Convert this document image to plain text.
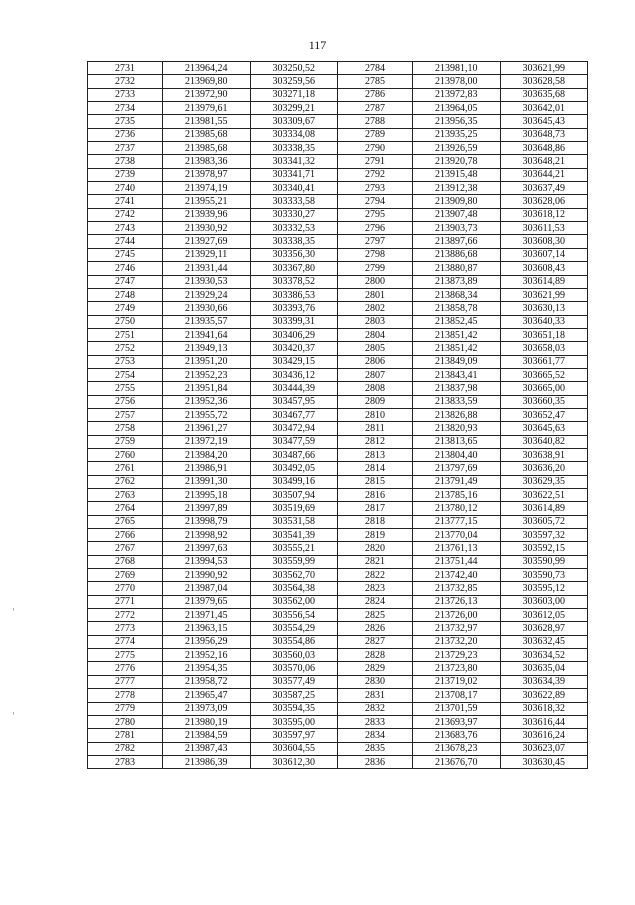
117
2731	213964,24	303250,52	2784	213981,10	303621,99
2732	213969,80	303259,56	2785	213978,00	303628,58
2733	213972,90	303271,18	2786	213972,83	303635,68
2734	213979,61	303299,21	2787	213964,05	303642,01
2735	213981,55	303309,67	2788	213956,35	303645,43
2736	213985,68	303334,08	2789	213935,25	303648,73
2737	213985,68	303338,35	2790	213926,59	303648,86
2738	213983,36	303341,32	2791	213920,78	303648,21
2739	213978,97	303341,71	2792	213915,48	303644,21
2740	213974,19	303340,41	2793	213912,38	303637,49
2741	213955,21	303333,58	2794	213909,80	303628,06
2742	213939,96	303330,27	2795	213907,48	303618,12
2743	213930,92	303332,53	2796	213903,73	303611,53
2744	213927,69	303338,35	2797	213897,66	303608,30
2745	213929,11	303356,30	2798	213886,68	303607,14
2746	213931,44	303367,80	2799	213880,87	303608,43
2747	213930,53	303378,52	2800	213873,89	303614,89
2748	213929,24	303386,53	2801	213868,34	303621,99
2749	213930,66	303393,76	2802	213858,78	303630,13
2750	213935,57	303399,31	2803	213852,45	303640,33
2751	213941,64	303406,29	2804	213851,42	303651,18
2752	213949,13	303420,37	2805	213851,42	303658,03
2753	213951,20	303429,15	2806	213849,09	303661,77
2754	213952,23	303436,12	2807	213843,41	303665,52
2755	213951,84	303444,39	2808	213837,98	303665,00
2756	213952,36	303457,95	2809	213833,59	303660,35
2757	213955,72	303467,77	2810	213826,88	303652,47
2758	213961,27	303472,94	2811	213820,93	303645,63
2759	213972,19	303477,59	2812	213813,65	303640,82
2760	213984,20	303487,66	2813	213804,40	303638,91
2761	213986,91	303492,05	2814	213797,69	303636,20
2762	213991,30	303499,16	2815	213791,49	303629,35
2763	213995,18	303507,94	2816	213785,16	303622,51
2764	213997,89	303519,69	2817	213780,12	303614,89
2765	213998,79	303531,58	2818	213777,15	303605,72
2766	213998,92	303541,39	2819	213770,04	303597,32
2767	213997,63	303555,21	2820	213761,13	303592,15
2768	213994,53	303559,99	2821	213751,44	303590,99
2769	213990,92	303562,70	2822	213742,40	303590,73
2770	213987,04	303564,38	2823	213732,85	303595,12
2771	213979,65	303562,00	2824	213726,13	303603,00
2772	213971,45	303556,54	2825	213726,00	303612,05
2773	213963,15	303554,29	2826	213732,97	303628,97
2774	213956,29	303554,86	2827	213732,20	303632,45
2775	213952,16	303560,03	2828	213729,23	303634,52
2776	213954,35	303570,06	2829	213723,80	303635,04
2777	213958,72	303577,49	2830	213719,02	303634,39
2778	213965,47	303587,25	2831	213708,17	303622,89
2779	213973,09	303594,35	2832	213701,59	303618,32
2780	213980,19	303595,00	2833	213693,97	303616,44
2781	213984,59	303597,97	2834	213683,76	303616,24
2782	213987,43	303604,55	2835	213678,23	303623,07
2783	213986,39	303612,30	2836	213676,70	303630,45
